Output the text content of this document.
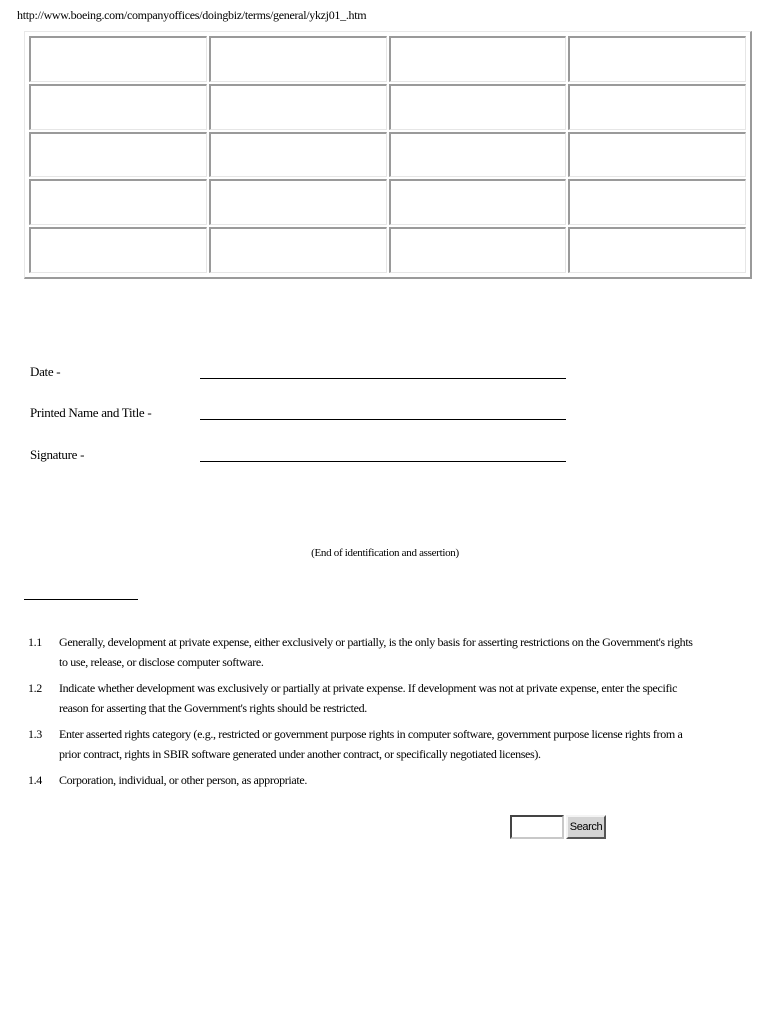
http://www.boeing.com/companyoffices/doingbiz/terms/general/ykzj01_.htm

Date -
Printed Name and Title -
Signature -
(End of identification and assertion)
1.1	Generally, development at private expense, either exclusively or partially, is the only basis for asserting restrictions on the Government's rights to use, release, or disclose computer software.
1.2	Indicate whether development was exclusively or partially at private expense. If development was not at private expense, enter the specific reason for asserting that the Government's rights should be restricted.
1.3	Enter asserted rights category (e.g., restricted or government purpose rights in computer software, government purpose license rights from a prior contract, rights in SBIR software generated under another contract, or specifically negotiated licenses).
1.4	Corporation, individual, or other person, as appropriate.
Search
